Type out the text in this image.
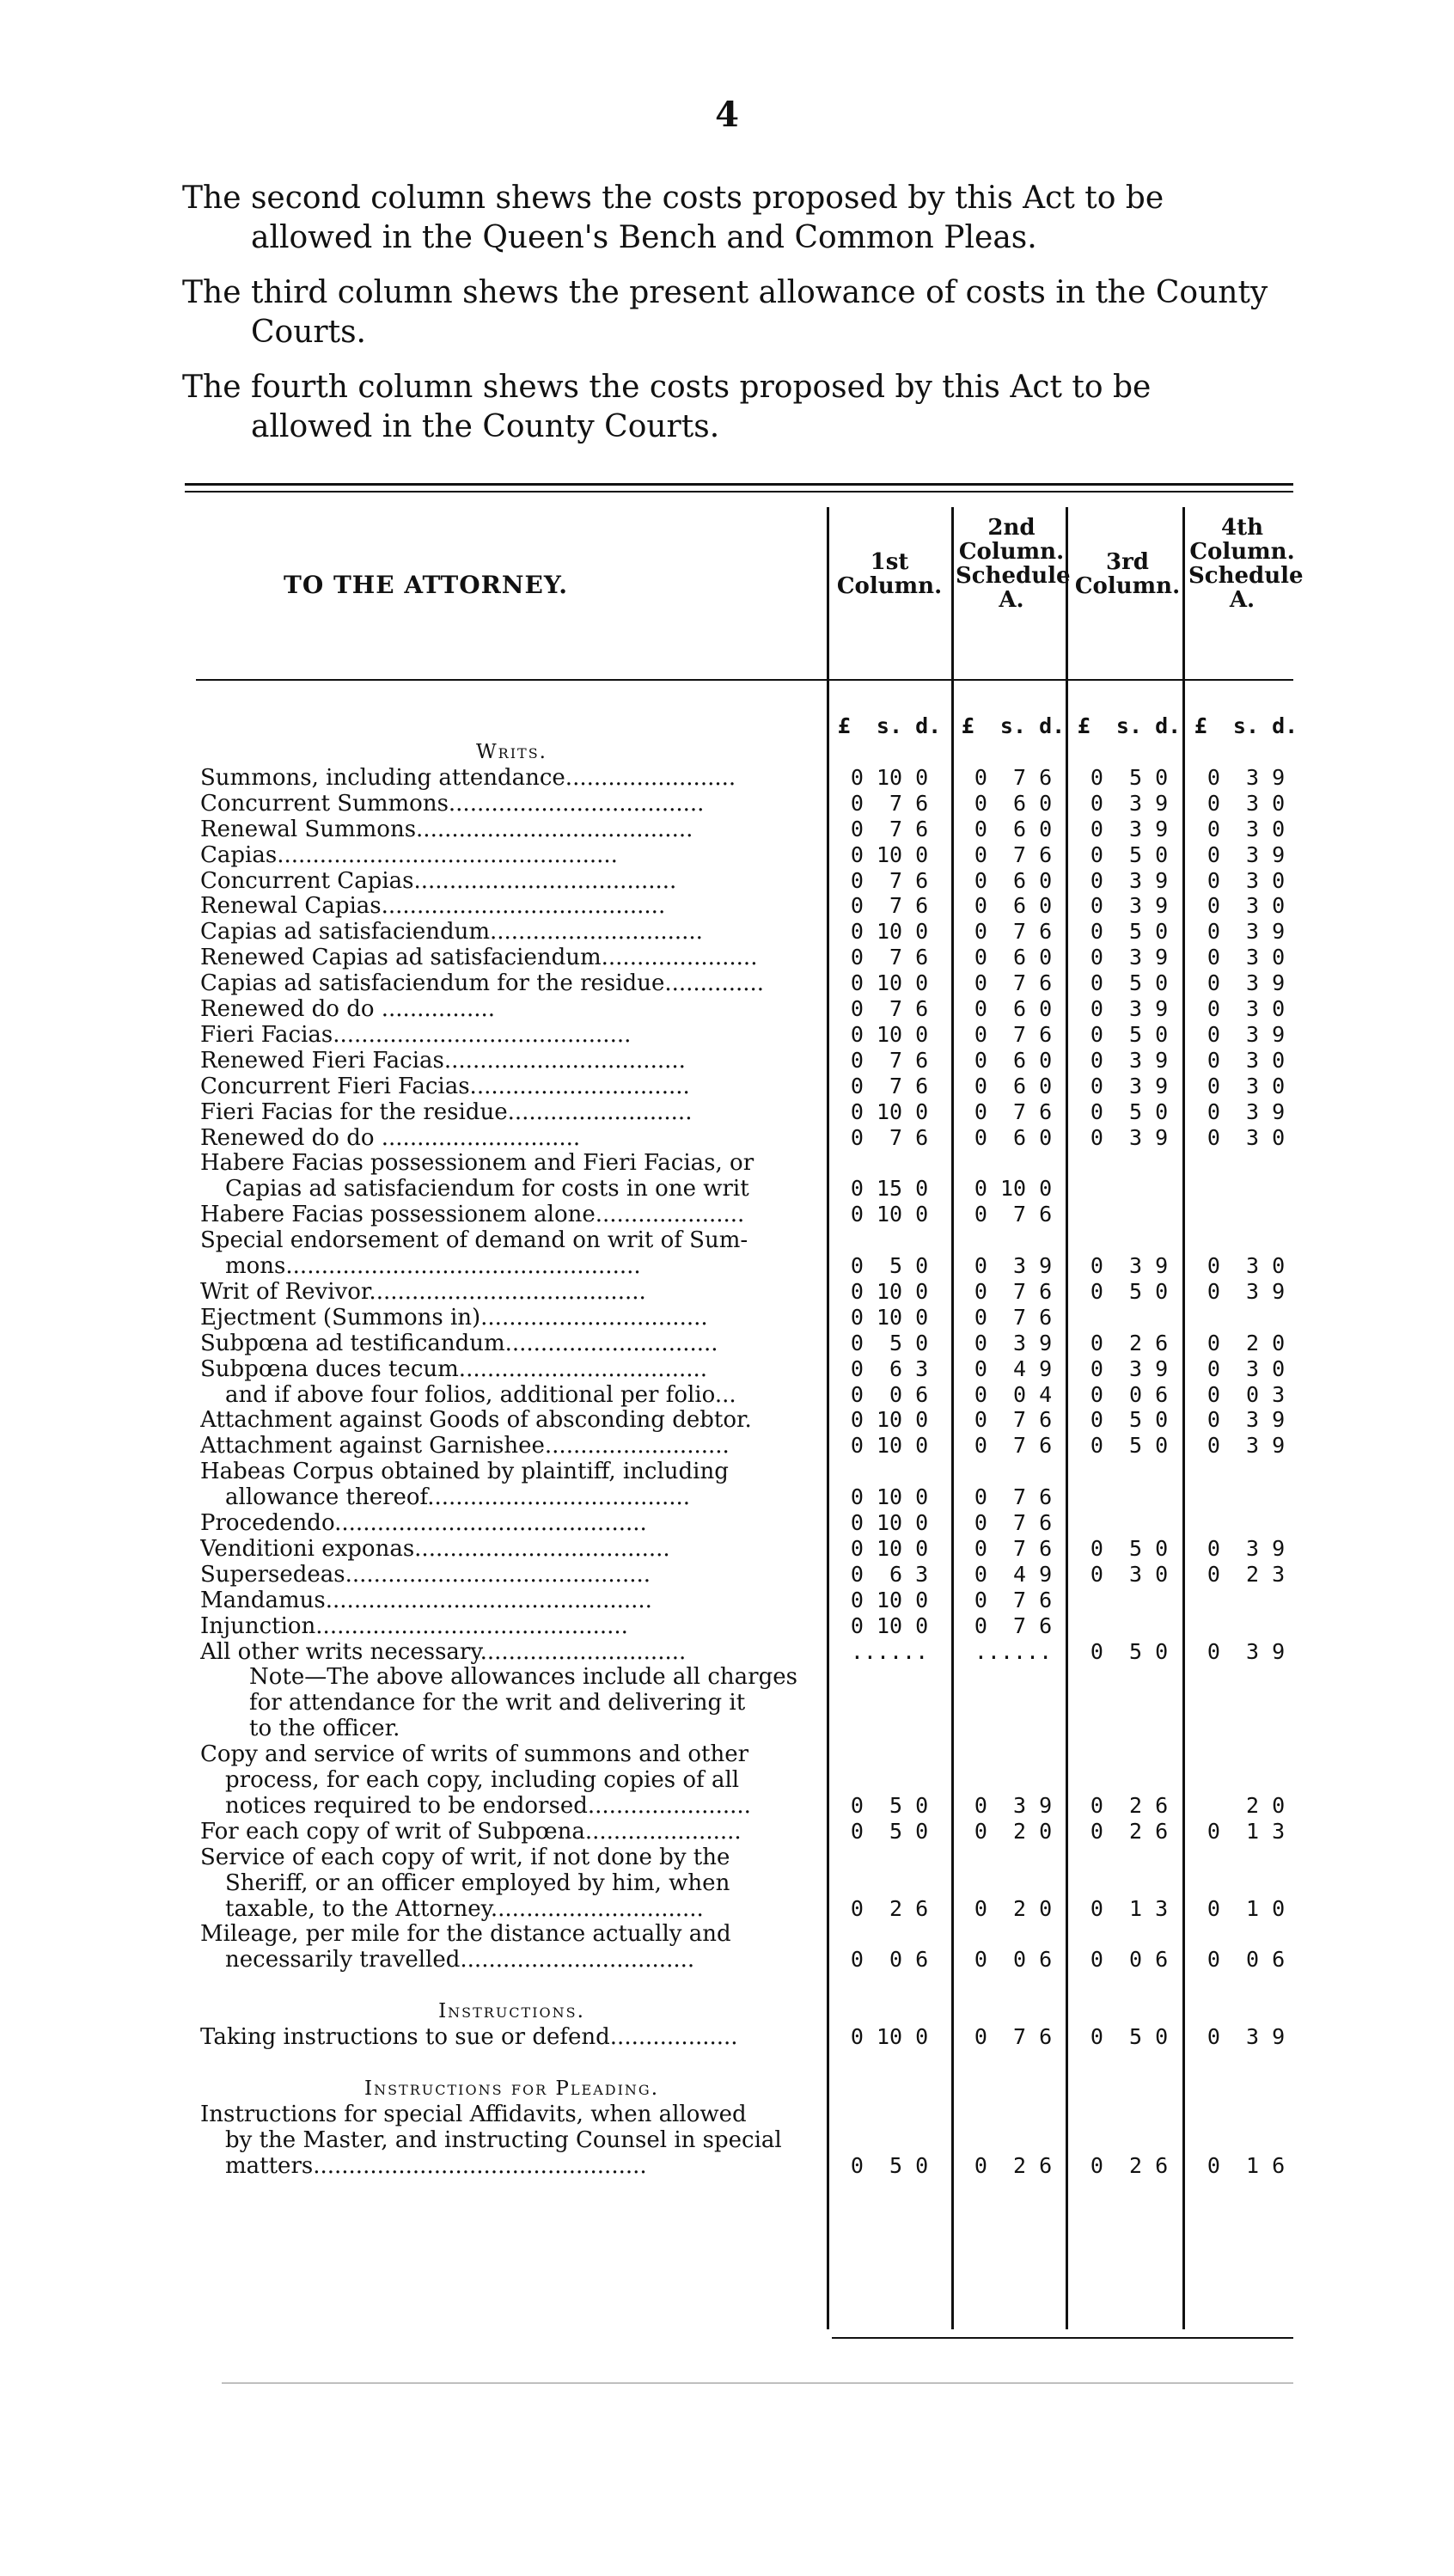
4

The second column shews the costs proposed by this Act to be allowed in the Queen's Bench and Common Pleas.

The third column shews the present allowance of costs in the County Courts.

The fourth column shews the costs proposed by this Act to be allowed in the County Courts.

TO THE ATTORNEY.
1st Column.
2nd Column. Schedule A.
3rd Column.
4th Column. Schedule A.
£  s. d. £  s. d. £  s. d. £  s. d.
Writs.
Summons, including attendance........................	0 10 0	0  7 6	0  5 0	0  3 9
Concurrent Summons....................................	0  7 6	0  6 0	0  3 9	0  3 0
Renewal Summons.......................................	0  7 6	0  6 0	0  3 9	0  3 0
Capias................................................	0 10 0	0  7 6	0  5 0	0  3 9
Concurrent Capias.....................................	0  7 6	0  6 0	0  3 9	0  3 0
Renewal Capias........................................	0  7 6	0  6 0	0  3 9	0  3 0
Capias ad satisfaciendum..............................	0 10 0	0  7 6	0  5 0	0  3 9
Renewed Capias ad satisfaciendum......................	0  7 6	0  6 0	0  3 9	0  3 0
Capias ad satisfaciendum for the residue..............	0 10 0	0  7 6	0  5 0	0  3 9
Renewed do do ................	0  7 6	0  6 0	0  3 9	0  3 0
Fieri Facias..........................................	0 10 0	0  7 6	0  5 0	0  3 9
Renewed Fieri Facias..................................	0  7 6	0  6 0	0  3 9	0  3 0
Concurrent Fieri Facias...............................	0  7 6	0  6 0	0  3 9	0  3 0
Fieri Facias for the residue..........................	0 10 0	0  7 6	0  5 0	0  3 9
Renewed do do ............................	0  7 6	0  6 0	0  3 9	0  3 0
Habere Facias possessionem and Fieri Facias, or
Capias ad satisfaciendum for costs in one writ	0 15 0	0 10 0
Habere Facias possessionem alone.....................	0 10 0	0  7 6
Special endorsement of demand on writ of Sum-
mons..................................................	0  5 0	0  3 9	0  3 9	0  3 0
Writ of Revivor.......................................	0 10 0	0  7 6	0  5 0	0  3 9
Ejectment (Summons in)................................	0 10 0	0  7 6
Subpœna ad testificandum..............................	0  5 0	0  3 9	0  2 6	0  2 0
Subpœna duces tecum...................................	0  6 3	0  4 9	0  3 9	0  3 0
and if above four folios, additional per folio...	0  0 6	0  0 4	0  0 6	0  0 3
Attachment against Goods of absconding debtor.	0 10 0	0  7 6	0  5 0	0  3 9
Attachment against Garnishee..........................	0 10 0	0  7 6	0  5 0	0  3 9
Habeas Corpus obtained by plaintiff, including
allowance thereof.....................................	0 10 0	0  7 6
Procedendo............................................	0 10 0	0  7 6
Venditioni exponas....................................	0 10 0	0  7 6	0  5 0	0  3 9
Supersedeas...........................................	0  6 3	0  4 9	0  3 0	0  2 3
Mandamus..............................................	0 10 0	0  7 6
Injunction............................................	0 10 0	0  7 6
All other writs necessary.............................	......	......	0  5 0	0  3 9
Note—The above allowances include all charges
for attendance for the writ and delivering it
to the officer.
Copy and service of writs of summons and other
process, for each copy, including copies of all
notices required to be endorsed.......................	0  5 0	0  3 9	0  2 6	2 0
For each copy of writ of Subpœna......................	0  5 0	0  2 0	0  2 6	0  1 3
Service of each copy of writ, if not done by the
Sheriff, or an officer employed by him, when
taxable, to the Attorney..............................	0  2 6	0  2 0	0  1 3	0  1 0
Mileage, per mile for the distance actually and
necessarily travelled.................................	0  0 6	0  0 6	0  0 6	0  0 6
Instructions.
Taking instructions to sue or defend..................	0 10 0	0  7 6	0  5 0	0  3 9
Instructions for Pleading.
Instructions for special Affidavits, when allowed
by the Master, and instructing Counsel in special
matters...............................................	0  5 0	0  2 6	0  2 6	0  1 6
